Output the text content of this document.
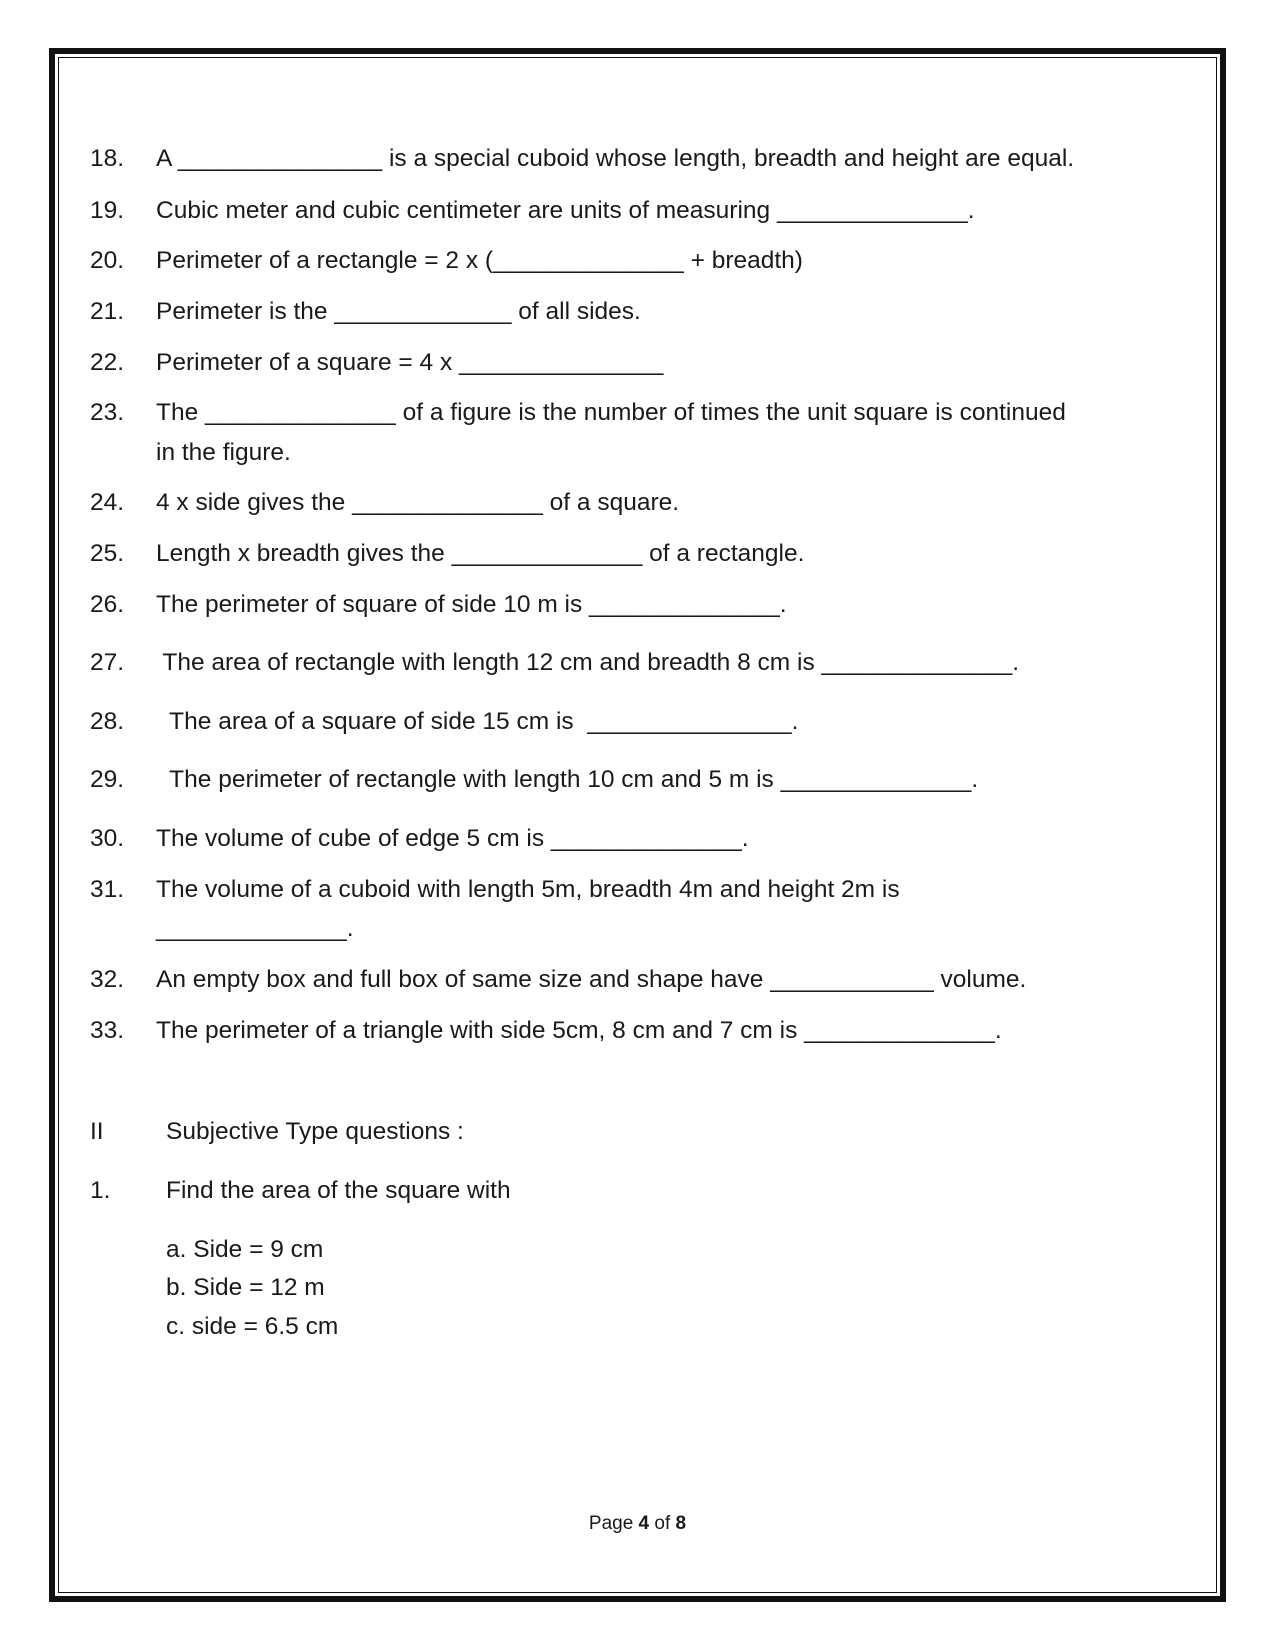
18. A _______________ is a special cuboid whose length, breadth and height are equal.
19. Cubic meter and cubic centimeter are units of measuring ______________.
20. Perimeter of a rectangle = 2 x (______________ + breadth)
21. Perimeter is the _____________ of all sides.
22. Perimeter of a square = 4 x _______________
23. The ______________ of a figure is the number of times the unit square is continued
in the figure.
24. 4 x side gives the ______________ of a square.
25. Length x breadth gives the ______________ of a rectangle.
26. The perimeter of square of side 10 m is ______________.
27. The area of rectangle with length 12 cm and breadth 8 cm is ______________.
28. The area of a square of side 15 cm is  _______________.
29. The perimeter of rectangle with length 10 cm and 5 m is ______________.
30. The volume of cube of edge 5 cm is ______________.
31. The volume of a cuboid with length 5m, breadth 4m and height 2m is
______________.
32. An empty box and full box of same size and shape have ____________ volume.
33. The perimeter of a triangle with side 5cm, 8 cm and 7 cm is ______________.
II	Subjective Type questions :
1. Find the area of the square with
a. Side = 9 cm
b. Side = 12 m
c. side = 6.5 cm
Page 4 of 8
